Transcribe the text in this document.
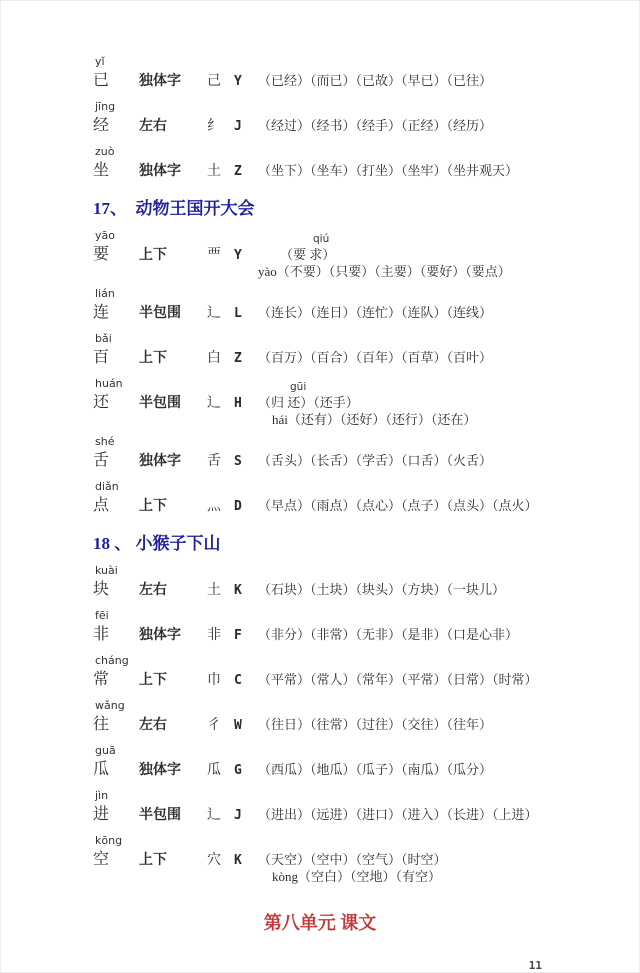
yǐ
已	独体字	己	Y	（已经）（而已）（已故）（早已）（已往）
jīng
经	左右	纟	J	（经过）（经书）（经手）（正经）（经历）
zuò
坐	独体字	土	Z	（坐下）（坐车）（打坐）（坐牢）（坐井观天）
17、  动物王国开大会
yāo
要	上下	覀	Y	（要 求）
qiú
yào（不要）（只要）（主要）（要好）（要点）
lián
连	半包围	辶	L	（连长）（连日）（连忙）（连队）（连线）
bǎi
百	上下	白	Z	（百万）（百合）（百年）（百草）（百叶）
huán
还	半包围	辶	H	（归 还）（还手）
gūi
hái（还有）（还好）（还行）（还在）
shé
舌	独体字	舌	S	（舌头）（长舌）（学舌）（口舌）（火舌）
diǎn
点	上下	灬	D	（早点）（雨点）（点心）（点子）（点头）（点火）
18 、 小猴子下山
kuài
块	左右	土	K	（石块）（土块）（块头）（方块）（一块儿）
fēi
非	独体字	非	F	（非分）（非常）（无非）（是非）（口是心非）
cháng
常	上下	巾	C	（平常）（常人）（常年）（平常）（日常）（时常）
wǎng
往	左右	彳	W	（往日）（往常）（过往）（交往）（往年）
guā
瓜	独体字	瓜	G	（西瓜）（地瓜）（瓜子）（南瓜）（瓜分）
jìn
进	半包围	辶	J	（进出）（远进）（进口）（进入）（长进）（上进）
kōng
空	上下	穴	K	（天空）（空中）（空气）（时空）
kòng（空白）（空地）（有空）
第八单元 课文
11
